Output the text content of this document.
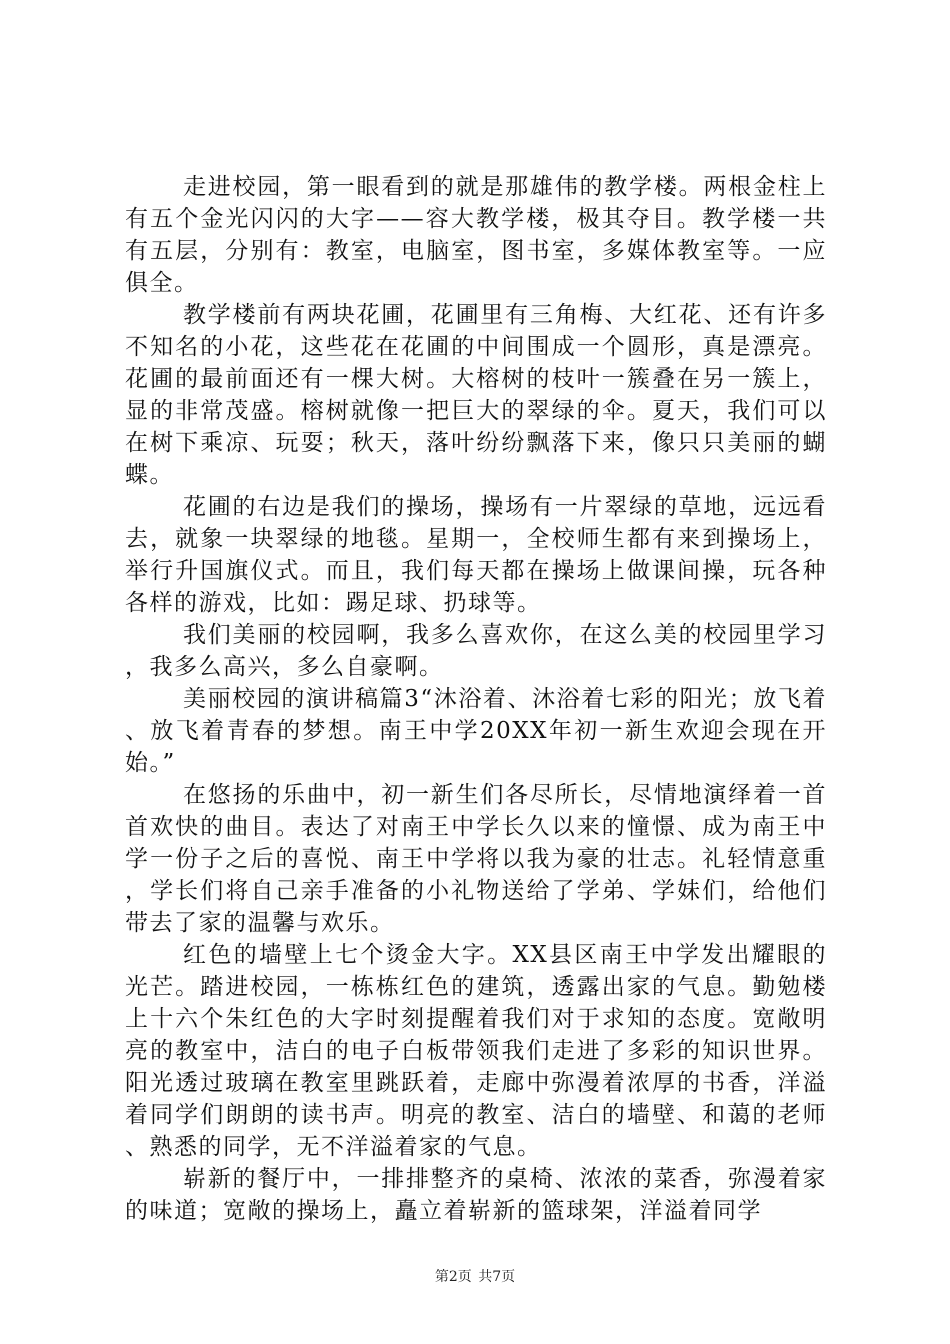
走进校园，第一眼看到的就是那雄伟的教学楼。两根金柱上有五个金光闪闪的大字——容大教学楼，极其夺目。教学楼一共有五层，分别有：教室，电脑室，图书室，多媒体教室等。一应俱全。

教学楼前有两块花圃，花圃里有三角梅、大红花、还有许多不知名的小花，这些花在花圃的中间围成一个圆形，真是漂亮。花圃的最前面还有一棵大树。大榕树的枝叶一簇叠在另一簇上，显的非常茂盛。榕树就像一把巨大的翠绿的伞。夏天，我们可以在树下乘凉、玩耍；秋天，落叶纷纷飘落下来，像只只美丽的蝴蝶。

花圃的右边是我们的操场，操场有一片翠绿的草地，远远看去，就象一块翠绿的地毯。星期一，全校师生都有来到操场上，举行升国旗仪式。而且，我们每天都在操场上做课间操，玩各种各样的游戏，比如：踢足球、扔球等。

我们美丽的校园啊，我多么喜欢你，在这么美的校园里学习，我多么高兴，多么自豪啊。

美丽校园的演讲稿篇3“沐浴着、沐浴着七彩的阳光；放飞着、放飞着青春的梦想。南王中学20XX年初一新生欢迎会现在开始。”

在悠扬的乐曲中，初一新生们各尽所长，尽情地演绎着一首首欢快的曲目。表达了对南王中学长久以来的憧憬、成为南王中学一份子之后的喜悦、南王中学将以我为豪的壮志。礼轻情意重，学长们将自己亲手准备的小礼物送给了学弟、学妹们，给他们带去了家的温馨与欢乐。

红色的墙壁上七个烫金大字。XX县区南王中学发出耀眼的光芒。踏进校园，一栋栋红色的建筑，透露出家的气息。勤勉楼上十六个朱红色的大字时刻提醒着我们对于求知的态度。宽敞明亮的教室中，洁白的电子白板带领我们走进了多彩的知识世界。阳光透过玻璃在教室里跳跃着，走廊中弥漫着浓厚的书香，洋溢着同学们朗朗的读书声。明亮的教室、洁白的墙壁、和蔼的老师、熟悉的同学，无不洋溢着家的气息。

崭新的餐厅中，一排排整齐的桌椅、浓浓的菜香，弥漫着家的味道；宽敞的操场上，矗立着崭新的篮球架，洋溢着同学

第2页 共7页
